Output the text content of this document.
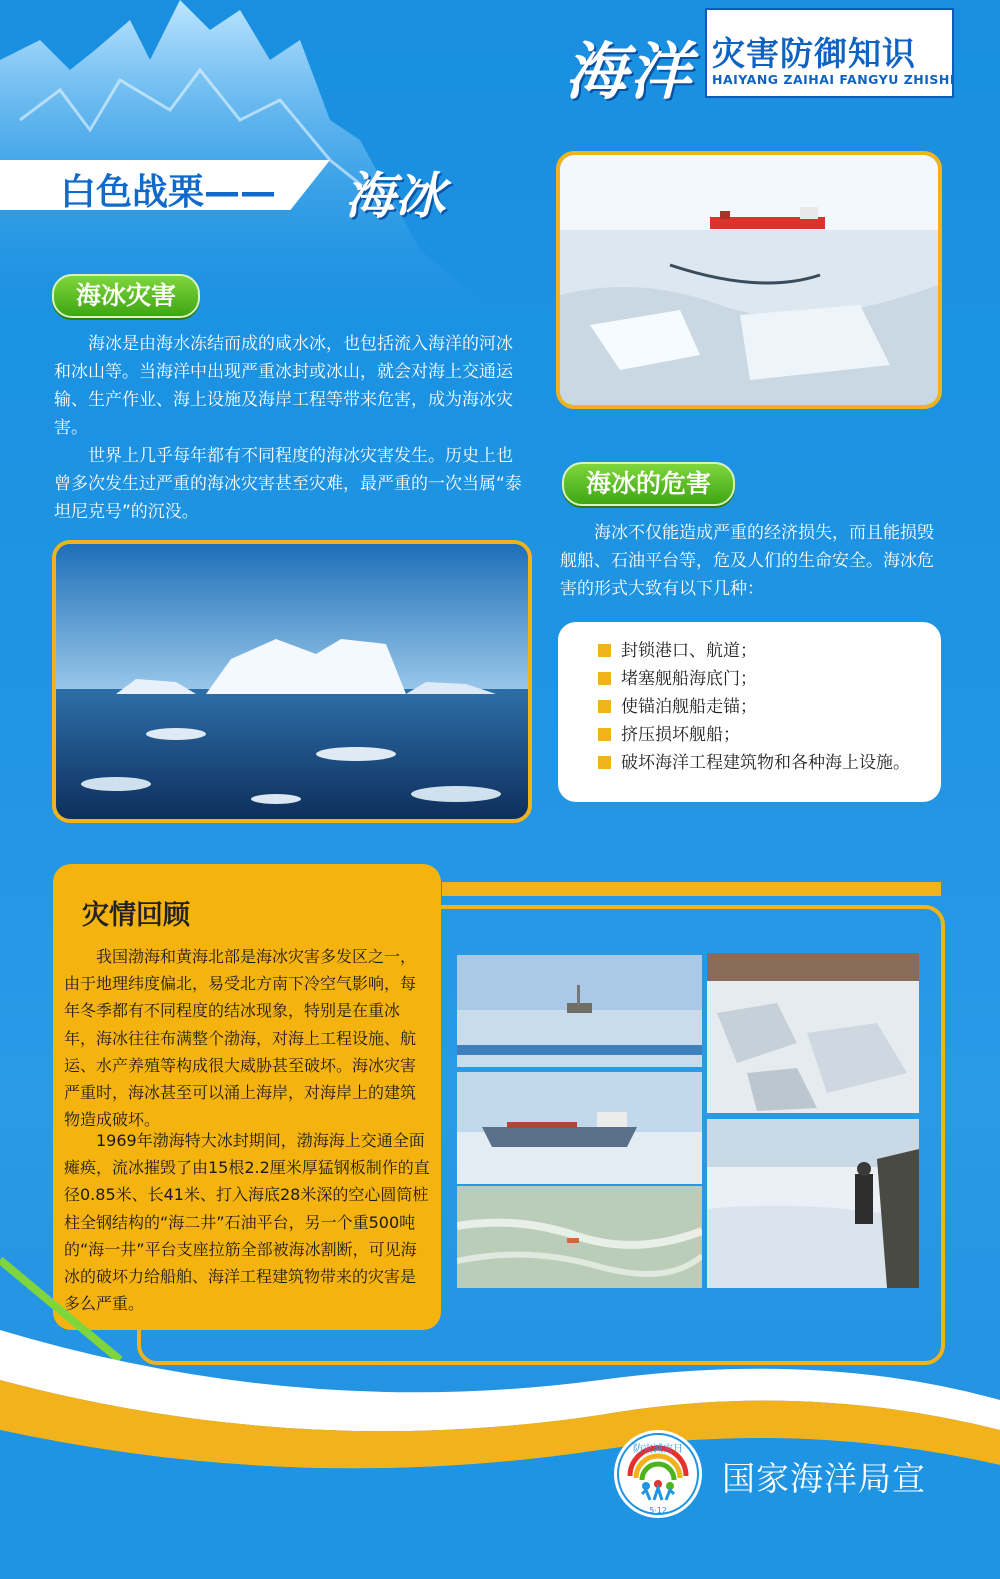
海洋 灾害防御知识
HAIYANG ZAIHAI FANGYU ZHISHI
白色战栗—— 海冰
海冰灾害

海冰是由海水冻结而成的咸水冰，也包括流入海洋的河冰和冰山等。当海洋中出现严重冰封或冰山，就会对海上交通运输、生产作业、海上设施及海岸工程等带来危害，成为海冰灾害。

世界上几乎每年都有不同程度的海冰灾害发生。历史上也曾多次发生过严重的海冰灾害甚至灾难，最严重的一次当属“泰坦尼克号”的沉没。

海冰的危害

海冰不仅能造成严重的经济损失，而且能损毁舰船、石油平台等，危及人们的生命安全。海冰危害的形式大致有以下几种：

封锁港口、航道；
堵塞舰船海底门；
使锚泊舰船走锚；
挤压损坏舰船；
破坏海洋工程建筑物和各种海上设施。
灾情回顾

我国渤海和黄海北部是海冰灾害多发区之一，由于地理纬度偏北，易受北方南下冷空气影响，每年冬季都有不同程度的结冰现象，特别是在重冰年，海冰往往布满整个渤海，对海上工程设施、航运、水产养殖等构成很大威胁甚至破坏。海冰灾害严重时，海冰甚至可以涌上海岸，对海岸上的建筑物造成破坏。

1969年渤海特大冰封期间，渤海海上交通全面瘫痪，流冰摧毁了由15根2.2厘米厚猛钢板制作的直径0.85米、长41米、打入海底28米深的空心圆筒桩柱全钢结构的“海二井”石油平台，另一个重500吨的“海一井”平台支座拉筋全部被海冰割断，可见海冰的破坏力给船舶、海洋工程建筑物带来的灾害是多么严重。

防灾减灾日
5·12
国家海洋局宣
